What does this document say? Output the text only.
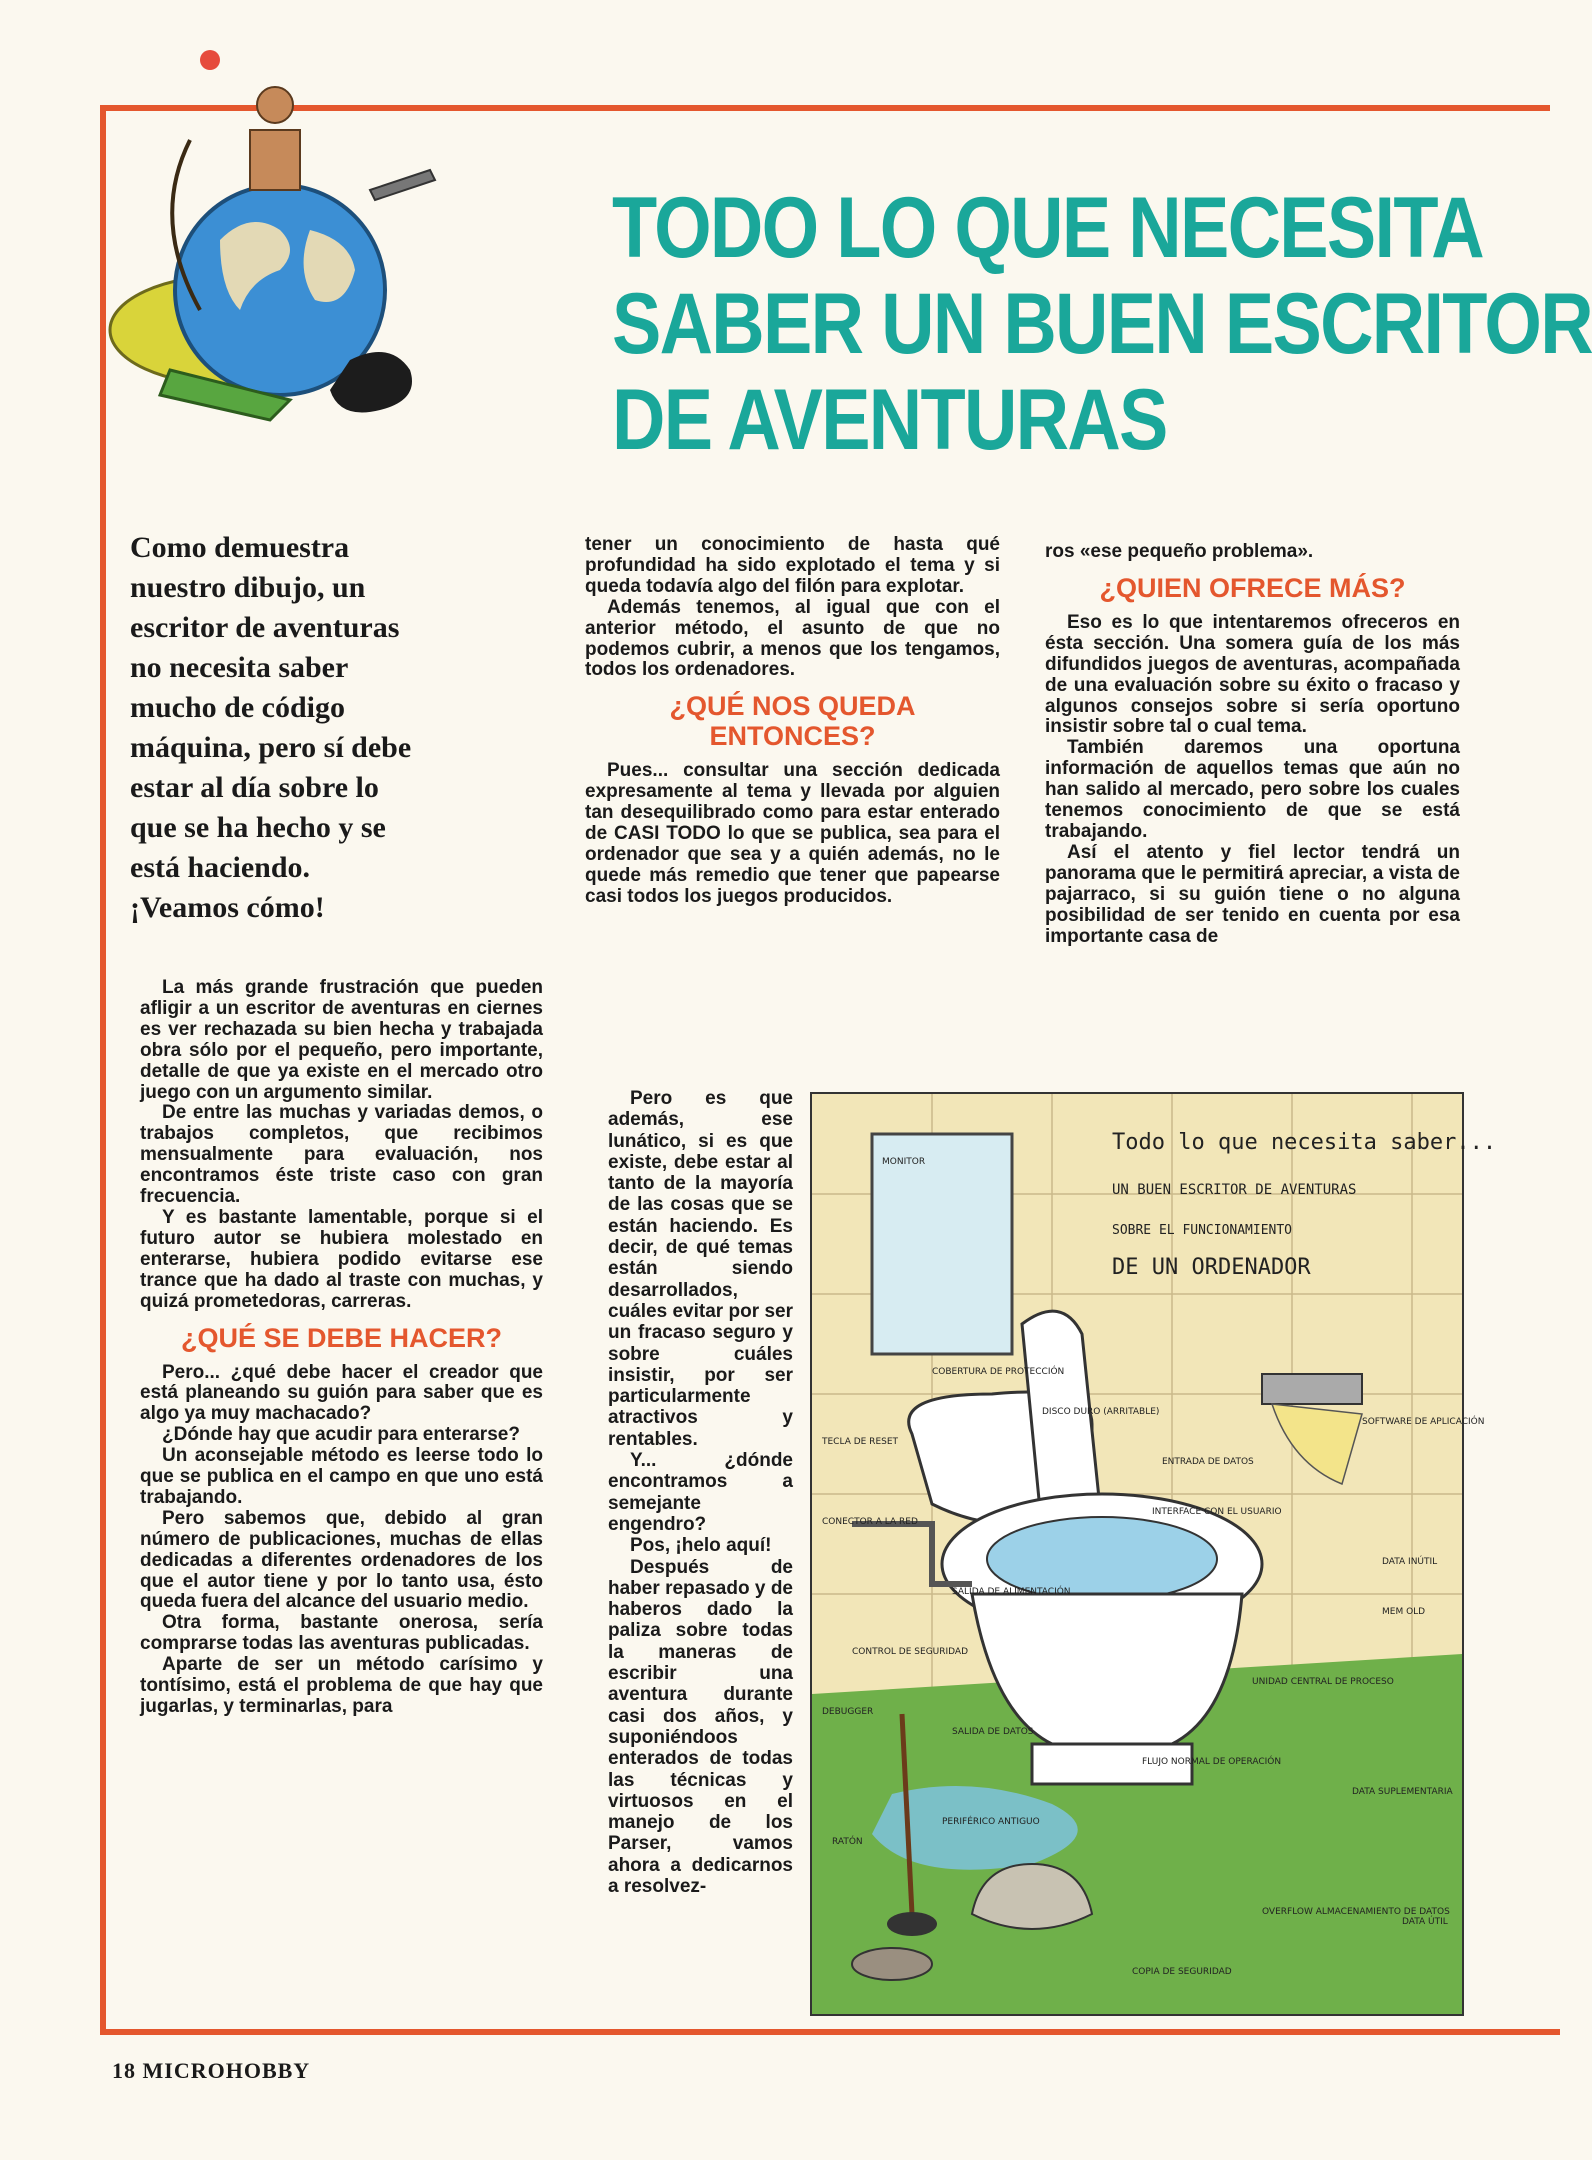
TODO LO QUE NECESITA
SABER UN BUEN ESCRITOR
DE AVENTURAS
Como demuestra
nuestro dibujo, un
escritor de aventuras
no necesita saber
mucho de código
máquina, pero sí debe
estar al día sobre lo
que se ha hecho y se
está haciendo.
¡Veamos cómo!

La más grande frustración que pueden afligir a un escritor de aventuras en ciernes es ver rechazada su bien hecha y trabajada obra sólo por el pequeño, pero importante, detalle de que ya existe en el mercado otro juego con un argumento similar.

De entre las muchas y variadas demos, o trabajos completos, que recibimos mensualmente para evaluación, nos encontramos éste triste caso con gran frecuencia.

Y es bastante lamentable, porque si el futuro autor se hubiera molestado en enterarse, hubiera podido evitarse ese trance que ha dado al traste con muchas, y quizá prometedoras, carreras.

¿QUÉ SE DEBE HACER?

Pero... ¿qué debe hacer el creador que está planeando su guión para saber que es algo ya muy machacado?

¿Dónde hay que acudir para enterarse?

Un aconsejable método es leerse todo lo que se publica en el campo en que uno está trabajando.

Pero sabemos que, debido al gran número de publicaciones, muchas de ellas dedicadas a diferentes ordenadores de los que el autor tiene y por lo tanto usa, ésto queda fuera del alcance del usuario medio.

Otra forma, bastante onerosa, sería comprarse todas las aventuras publicadas.

Aparte de ser un método carísimo y tontísimo, está el problema de que hay que jugarlas, y terminarlas, para

tener un conocimiento de hasta qué profundidad ha sido explotado el tema y si queda todavía algo del filón para explotar.

Además tenemos, al igual que con el anterior método, el asunto de que no podemos cubrir, a menos que los tengamos, todos los ordenadores.

¿QUÉ NOS QUEDA ENTONCES?

Pues... consultar una sección dedicada expresamente al tema y llevada por alguien tan desequilibrado como para estar enterado de CASI TODO lo que se publica, sea para el ordenador que sea y a quién además, no le quede más remedio que tener que papearse casi todos los juegos producidos.

Pero es que además, ese lunático, si es que existe, debe estar al tanto de la mayoría de las cosas que se están haciendo. Es decir, de qué temas están siendo desarrollados, cuáles evitar por ser un fracaso seguro y sobre cuáles insistir, por ser particularmente atractivos y rentables.

Y... ¿dónde encontramos a semejante engendro?

Pos, ¡helo aquí!

Después de haber repasado y de haberos dado la paliza sobre todas la maneras de escribir una aventura durante casi dos años, y suponiéndoos enterados de todas las técnicas y virtuosos en el manejo de los Parser, vamos ahora a dedicarnos a resolvez-

ros «ese pequeño problema».

¿QUIEN OFRECE MÁS?

Eso es lo que intentaremos ofreceros en ésta sección. Una somera guía de los más difundidos juegos de aventuras, acompañada de una evaluación sobre su éxito o fracaso y algunos consejos sobre si sería oportuno insistir sobre tal o cual tema.

También daremos una oportuna información de aquellos temas que aún no han salido al mercado, pero sobre los cuales tenemos conocimiento de que se está trabajando.

Así el atento y fiel lector tendrá un panorama que le permitirá apreciar, a vista de pajarraco, si su guión tiene o no alguna posibilidad de ser tenido en cuenta por esa importante casa de

MONITOR
Todo lo que necesita saber...
UN BUEN ESCRITOR DE AVENTURAS
SOBRE EL FUNCIONAMIENTO
DE UN ORDENADOR
COBERTURA DE PROTECCIÓN
DISCO DURO (ARRITABLE)
TECLA DE RESET
CONECTOR A LA RED
SALIDA DE ALIMENTACIÓN
CONTROL DE SEGURIDAD
DEBUGGER
SALIDA DE DATOS
PERIFÉRICO ANTIGUO
RATÓN
SOFTWARE DE APLICACIÓN
ENTRADA DE DATOS
INTERFACE CON EL USUARIO
DATA INÚTIL
MEM OLD
UNIDAD CENTRAL DE PROCESO
FLUJO NORMAL DE OPERACIÓN
DATA SUPLEMENTARIA
OVERFLOW ALMACENAMIENTO DE DATOS
DATA ÚTIL
COPIA DE SEGURIDAD

18 MICROHOBBY
